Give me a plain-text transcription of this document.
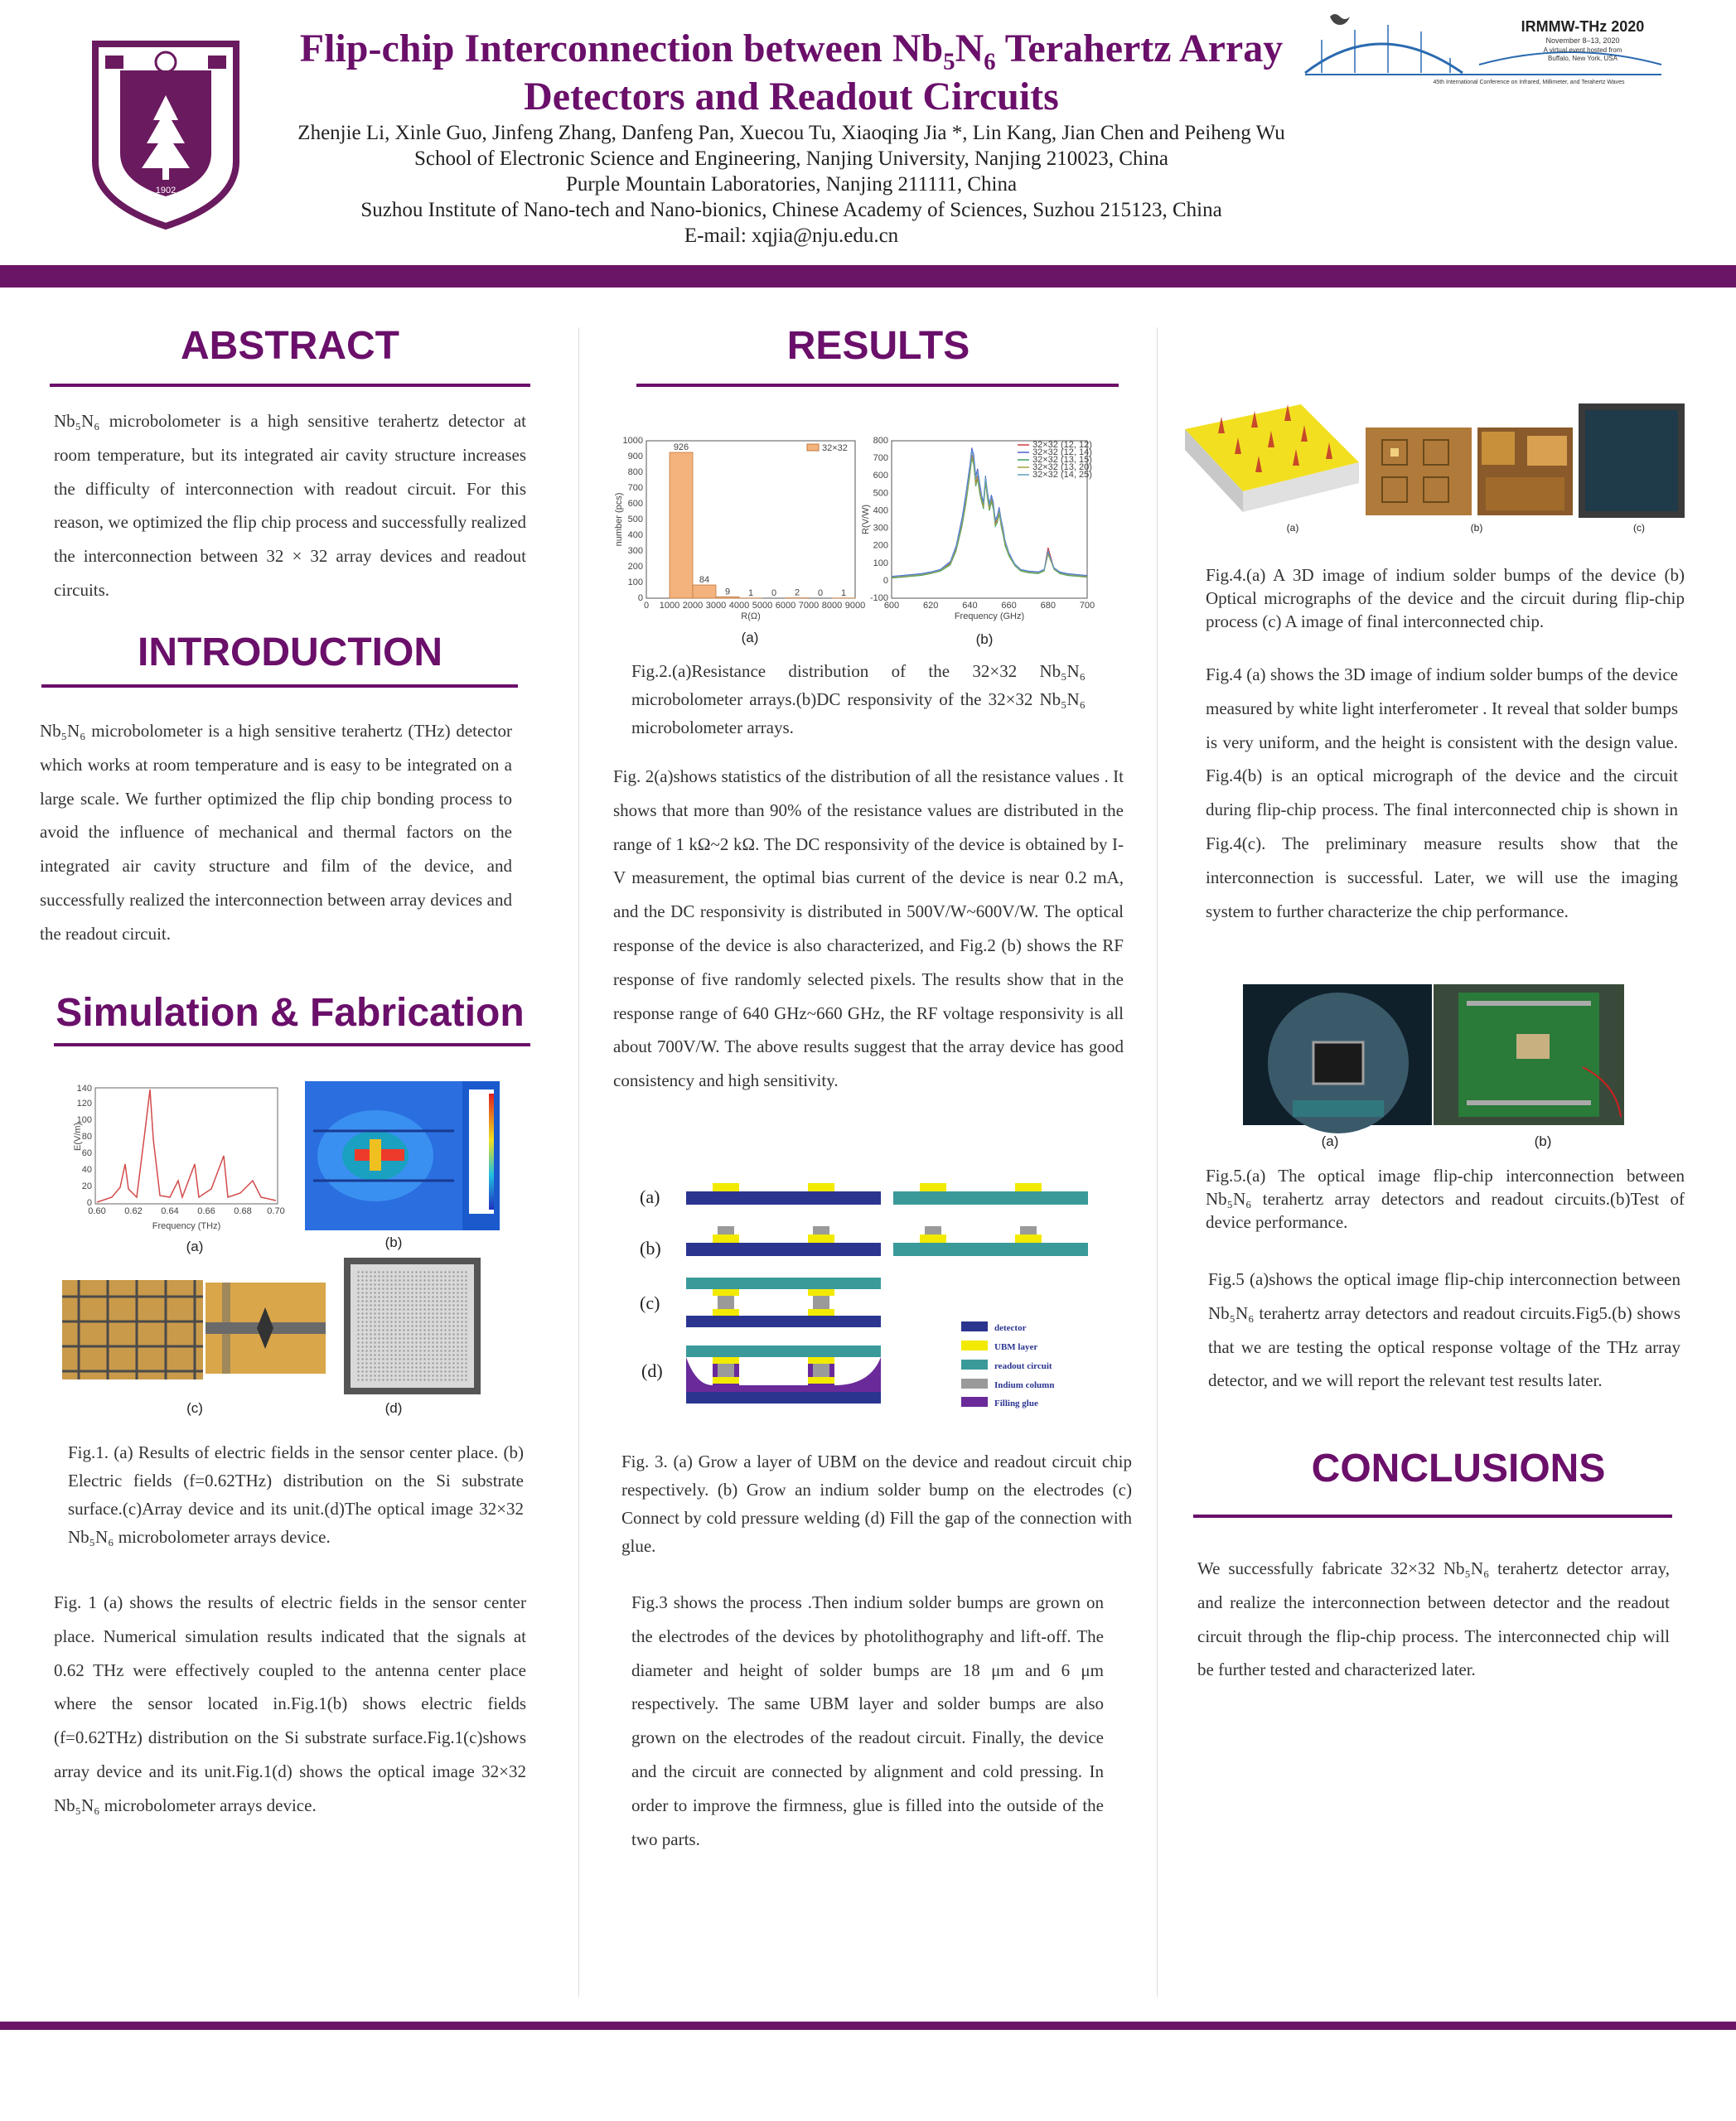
1902
Flip-chip Interconnection between Nb₅N₆ Terahertz Array
Detectors and Readout Circuits
Zhenjie Li, Xinle Guo, Jinfeng Zhang, Danfeng Pan, Xuecou Tu, Xiaoqing Jia *, Lin Kang, Jian Chen and Peiheng Wu
School of Electronic Science and Engineering, Nanjing University, Nanjing 210023, China
Purple Mountain Laboratories, Nanjing 211111, China
Suzhou Institute of Nano-tech and Nano-bionics, Chinese Academy of Sciences, Suzhou 215123, China
E-mail: xqjia@nju.edu.cn
IRMMW-THz 2020
November 8–13, 2020
A virtual event hosted from
Buffalo, New York, USA
45th International Conference on Infrared, Millimeter, and Terahertz Waves
ABSTRACT
Nb₅N₆ microbolometer is a high sensitive terahertz detector at room temperature, but its integrated air cavity structure increases the difficulty of interconnection with readout circuit. For this reason, we optimized the flip chip process and successfully realized the interconnection between 32 × 32 array devices and readout circuits.
INTRODUCTION
Nb₅N₆ microbolometer is a high sensitive terahertz (THz) detector which works at room temperature and is easy to be integrated on a large scale. We further optimized the flip chip bonding process to avoid the influence of mechanical and thermal factors on the integrated air cavity structure and film of the device, and successfully realized the interconnection between array devices and the readout circuit.
Simulation & Fabrication
E(V/m)
Frequency (THz)
0.60 0.62 0.64 0.66 0.68 0.70
0
20
40
60
80
100
120
140
(a)	(b)
(c)	(d)
Fig.1. (a) Results of electric fields in the sensor center place. (b) Electric fields (f=0.62THz) distribution on the Si substrate surface.(c)Array device and its unit.(d)The optical image 32×32 Nb₅N₆ microbolometer arrays device.
Fig. 1 (a) shows the results of electric fields in the sensor center place. Numerical simulation results indicated that the signals at 0.62 THz were effectively coupled to the antenna center place where the sensor located in.Fig.1(b) shows electric fields (f=0.62THz) distribution on the Si substrate surface.Fig.1(c)shows array device and its unit.Fig.1(d) shows the optical image 32×32 Nb₅N₆ microbolometer arrays device.
RESULTS
926
84
9 1 0 2 0 1
0 1000 2000 3000 4000 5000 6000 7000 8000 9000
0
100
200
300
400
500
600
700
800
900
1000
R(Ω)
number (pcs)
32×32
(a)
32×32 (12, 12)
32×32 (12, 14)
32×32 (13, 15)
32×32 (13, 20)
32×32 (14, 25)
600	620	640	660	680	700
-100
0
100
200
300
400
500
600
700
800
Frequency (GHz)
R(V/W)
(b)
Fig.2.(a)Resistance distribution of the 32×32 Nb₅N₆ microbolometer arrays.(b)DC responsivity of the 32×32 Nb₅N₆ microbolometer arrays.
Fig. 2(a)shows statistics of the distribution of all the resistance values . It shows that more than 90% of the resistance values are distributed in the range of 1 kΩ~2 kΩ. The DC responsivity of the device is obtained by I-V measurement, the optimal bias current of the device is near 0.2 mA, and the DC responsivity is distributed in 500V/W~600V/W. The optical response of the device is also characterized, and Fig.2 (b) shows the RF response of five randomly selected pixels. The results show that in the response range of 640 GHz~660 GHz, the RF voltage responsivity is all about 700V/W. The above results suggest that the array device has good consistency and high sensitivity.
(a)
(b)
(c)
(d)
detector
UBM layer
readout circuit
Indium column
Filling glue
Fig. 3. (a) Grow a layer of UBM on the device and readout circuit chip respectively. (b) Grow an indium solder bump on the electrodes (c) Connect by cold pressure welding (d) Fill the gap of the connection with glue.
Fig.3 shows the process .Then indium solder bumps are grown on the electrodes of the devices by photolithography and lift-off. The diameter and height of solder bumps are 18 μm and 6 μm respectively. The same UBM layer and solder bumps are also grown on the electrodes of the readout circuit. Finally, the device and the circuit are connected by alignment and cold pressing. In order to improve the firmness, glue is filled into the outside of the two parts.
(a)	(b)	(c)
Fig.4.(a) A 3D image of indium solder bumps of the device (b) Optical micrographs of the device and the circuit during flip-chip process (c) A image of final interconnected chip.
Fig.4 (a) shows the 3D image of indium solder bumps of the device measured by white light interferometer . It reveal that solder bumps is very uniform, and the height is consistent with the design value. Fig.4(b) is an optical micrograph of the device and the circuit during flip-chip process. The final interconnected chip is shown in Fig.4(c). The preliminary measure results show that the interconnection is successful. Later, we will use the imaging system to further characterize the chip performance.
(a)	(b)
Fig.5.(a) The optical image flip-chip interconnection between Nb₅N₆ terahertz array detectors and readout circuits.(b)Test of device performance.
Fig.5 (a)shows the optical image flip-chip interconnection between Nb₅N₆ terahertz array detectors and readout circuits.Fig5.(b) shows that we are testing the optical response voltage of the THz array detector, and we will report the relevant test results later.
CONCLUSIONS
We successfully fabricate 32×32 Nb₅N₆ terahertz detector array, and realize the interconnection between detector and the readout circuit through the flip-chip process. The interconnected chip will be further tested and characterized later.
